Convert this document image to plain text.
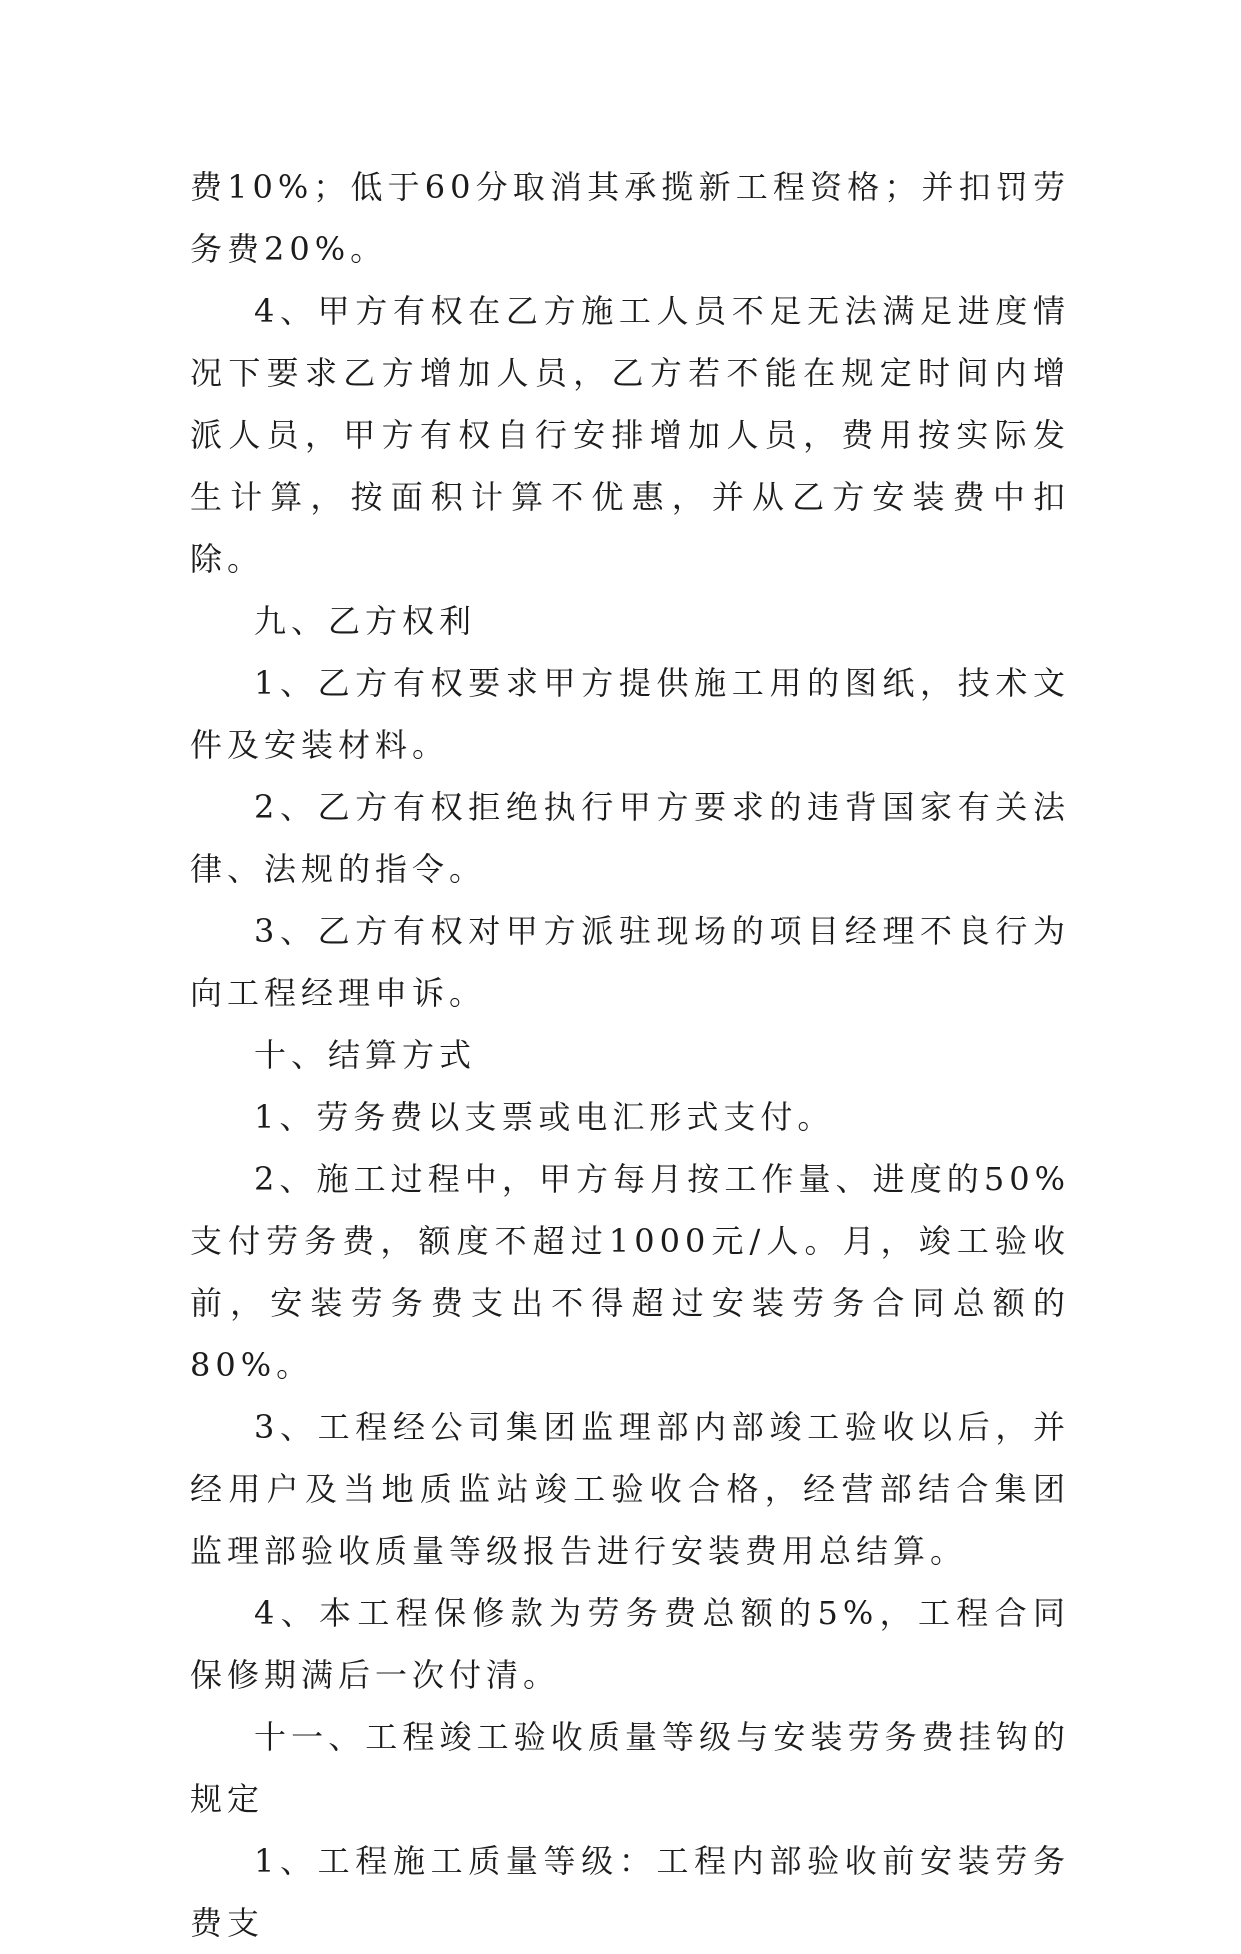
费10%；低于60分取消其承揽新工程资格；并扣罚劳务费20%。

4、甲方有权在乙方施工人员不足无法满足进度情况下要求乙方增加人员，乙方若不能在规定时间内增派人员，甲方有权自行安排增加人员，费用按实际发生计算，按面积计算不优惠，并从乙方安装费中扣除。

九、乙方权利

1、乙方有权要求甲方提供施工用的图纸，技术文件及安装材料。

2、乙方有权拒绝执行甲方要求的违背国家有关法律、法规的指令。

3、乙方有权对甲方派驻现场的项目经理不良行为向工程经理申诉。

十、结算方式

1、劳务费以支票或电汇形式支付。

2、施工过程中，甲方每月按工作量、进度的50%支付劳务费，额度不超过1000元/人。月，竣工验收前，安装劳务费支出不得超过安装劳务合同总额的80%。

3、工程经公司集团监理部内部竣工验收以后，并经用户及当地质监站竣工验收合格，经营部结合集团监理部验收质量等级报告进行安装费用总结算。

4、本工程保修款为劳务费总额的5%，工程合同保修期满后一次付清。

十一、工程竣工验收质量等级与安装劳务费挂钩的规定

1、工程施工质量等级：工程内部验收前安装劳务费支
